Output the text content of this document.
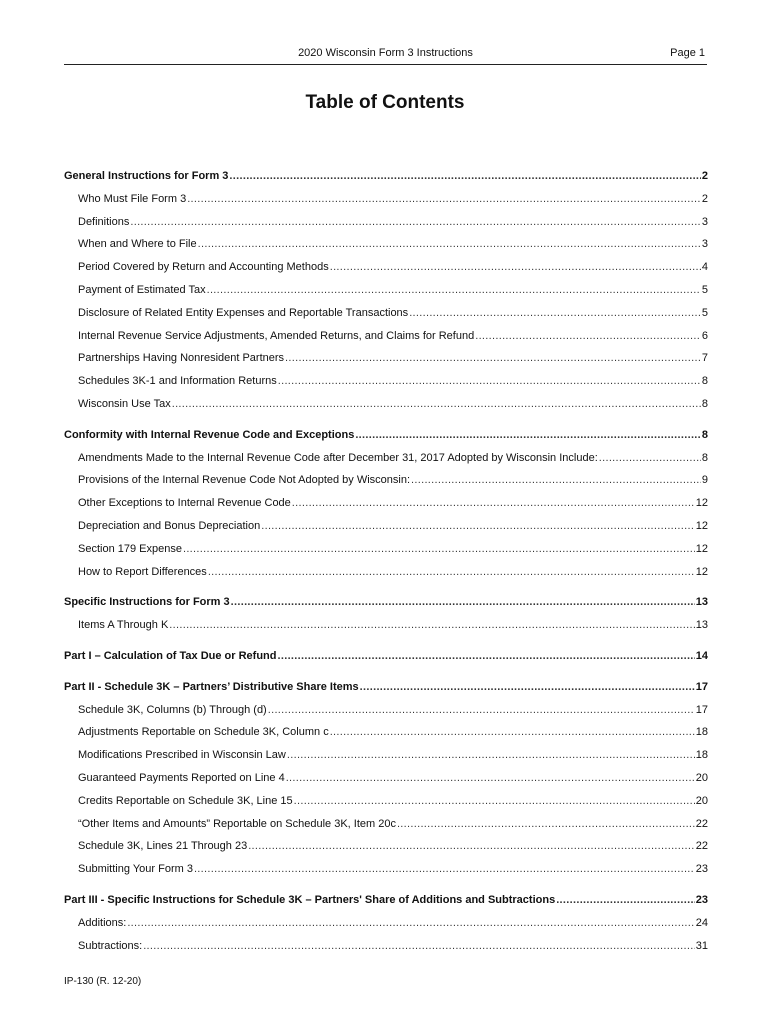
2020 Wisconsin Form 3 Instructions	Page 1
Table of Contents
General Instructions for Form 3 .....	2
Who Must File Form 3 .....	2
Definitions .....	3
When and Where to File .....	3
Period Covered by Return and Accounting Methods .....	4
Payment of Estimated Tax .....	5
Disclosure of Related Entity Expenses and Reportable Transactions .....	5
Internal Revenue Service Adjustments, Amended Returns, and Claims for Refund .....	6
Partnerships Having Nonresident Partners .....	7
Schedules 3K-1 and Information Returns .....	8
Wisconsin Use Tax .....	8
Conformity with Internal Revenue Code and Exceptions .....	8
Amendments Made to the Internal Revenue Code after December 31, 2017 Adopted by Wisconsin Include: .....	8
Provisions of the Internal Revenue Code Not Adopted by Wisconsin: .....	9
Other Exceptions to Internal Revenue Code .....	12
Depreciation and Bonus Depreciation .....	12
Section 179 Expense .....	12
How to Report Differences .....	12
Specific Instructions for Form 3 .....	13
Items A Through K .....	13
Part I – Calculation of Tax Due or Refund .....	14
Part II - Schedule 3K – Partners’ Distributive Share Items .....	17
Schedule 3K, Columns (b) Through (d) .....	17
Adjustments Reportable on Schedule 3K, Column c .....	18
Modifications Prescribed in Wisconsin Law .....	18
Guaranteed Payments Reported on Line 4 .....	20
Credits Reportable on Schedule 3K, Line 15 .....	20
“Other Items and Amounts” Reportable on Schedule 3K, Item 20c .....	22
Schedule 3K, Lines 21 Through 23 .....	22
Submitting Your Form 3 .....	23
Part III - Specific Instructions for Schedule 3K – Partners' Share of Additions and Subtractions .....	23
Additions: .....	24
Subtractions: .....	31
IP-130 (R. 12-20)
